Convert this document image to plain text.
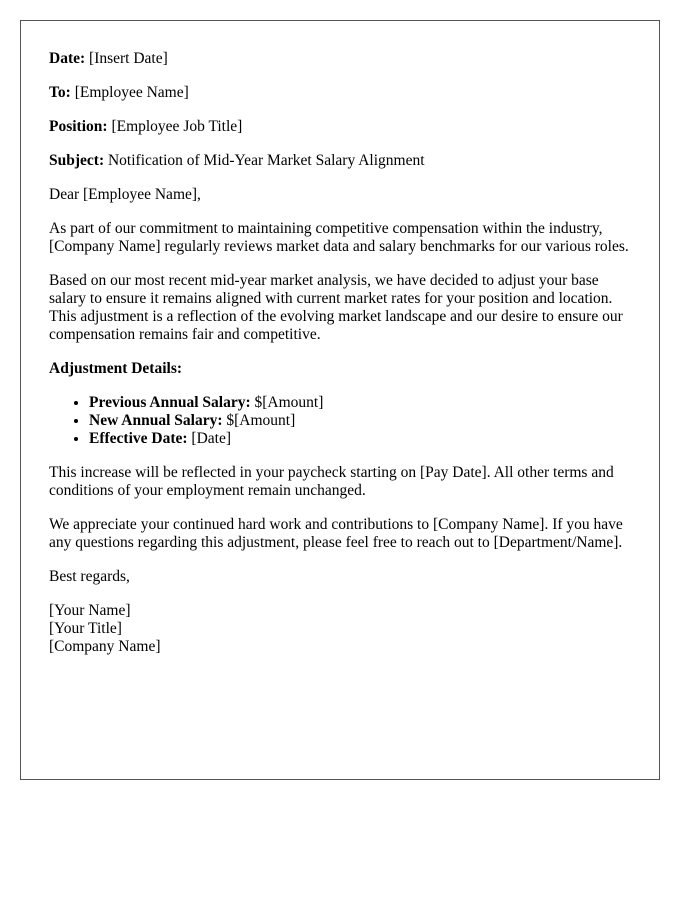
Date: [Insert Date]
To: [Employee Name]
Position: [Employee Job Title]
Subject: Notification of Mid-Year Market Salary Alignment

Dear [Employee Name],

As part of our commitment to maintaining competitive compensation within the industry, [Company Name] regularly reviews market data and salary benchmarks for our various roles.

Based on our most recent mid-year market analysis, we have decided to adjust your base salary to ensure it remains aligned with current market rates for your position and location. This adjustment is a reflection of the evolving market landscape and our desire to ensure our compensation remains fair and competitive.

Adjustment Details:
• Previous Annual Salary: $[Amount]
• New Annual Salary: $[Amount]
• Effective Date: [Date]

This increase will be reflected in your paycheck starting on [Pay Date]. All other terms and conditions of your employment remain unchanged.

We appreciate your continued hard work and contributions to [Company Name]. If you have any questions regarding this adjustment, please feel free to reach out to [Department/Name].

Best regards,

[Your Name]
[Your Title]
[Company Name]
